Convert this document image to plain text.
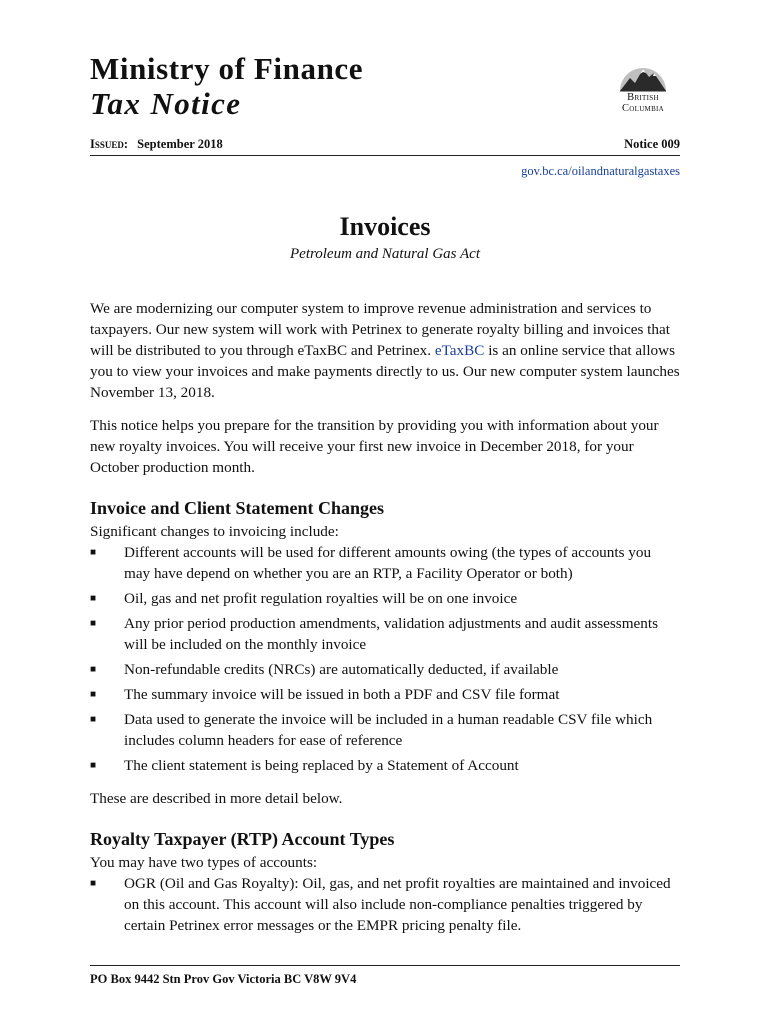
Ministry of Finance
Tax Notice	British
Columbia
Issued: September 2018	Notice 009
gov.bc.ca/oilandnaturalgastaxes
Invoices
Petroleum and Natural Gas Act

We are modernizing our computer system to improve revenue administration and services to taxpayers. Our new system will work with Petrinex to generate royalty billing and invoices that will be distributed to you through eTaxBC and Petrinex. eTaxBC is an online service that allows you to view your invoices and make payments directly to us. Our new computer system launches November 13, 2018.

This notice helps you prepare for the transition by providing you with information about your new royalty invoices. You will receive your first new invoice in December 2018, for your October production month.

Invoice and Client Statement Changes
Significant changes to invoicing include:
■ Different accounts will be used for different amounts owing (the types of accounts you may have depend on whether you are an RTP, a Facility Operator or both)
■ Oil, gas and net profit regulation royalties will be on one invoice
■ Any prior period production amendments, validation adjustments and audit assessments will be included on the monthly invoice
■ Non-refundable credits (NRCs) are automatically deducted, if available
■ The summary invoice will be issued in both a PDF and CSV file format
■ Data used to generate the invoice will be included in a human readable CSV file which includes column headers for ease of reference
■ The client statement is being replaced by a Statement of Account

These are described in more detail below.

Royalty Taxpayer (RTP) Account Types
You may have two types of accounts:
■ OGR (Oil and Gas Royalty): Oil, gas, and net profit royalties are maintained and invoiced on this account. This account will also include non-compliance penalties triggered by certain Petrinex error messages or the EMPR pricing penalty file.
PO Box 9442 Stn Prov Gov Victoria BC V8W 9V4
